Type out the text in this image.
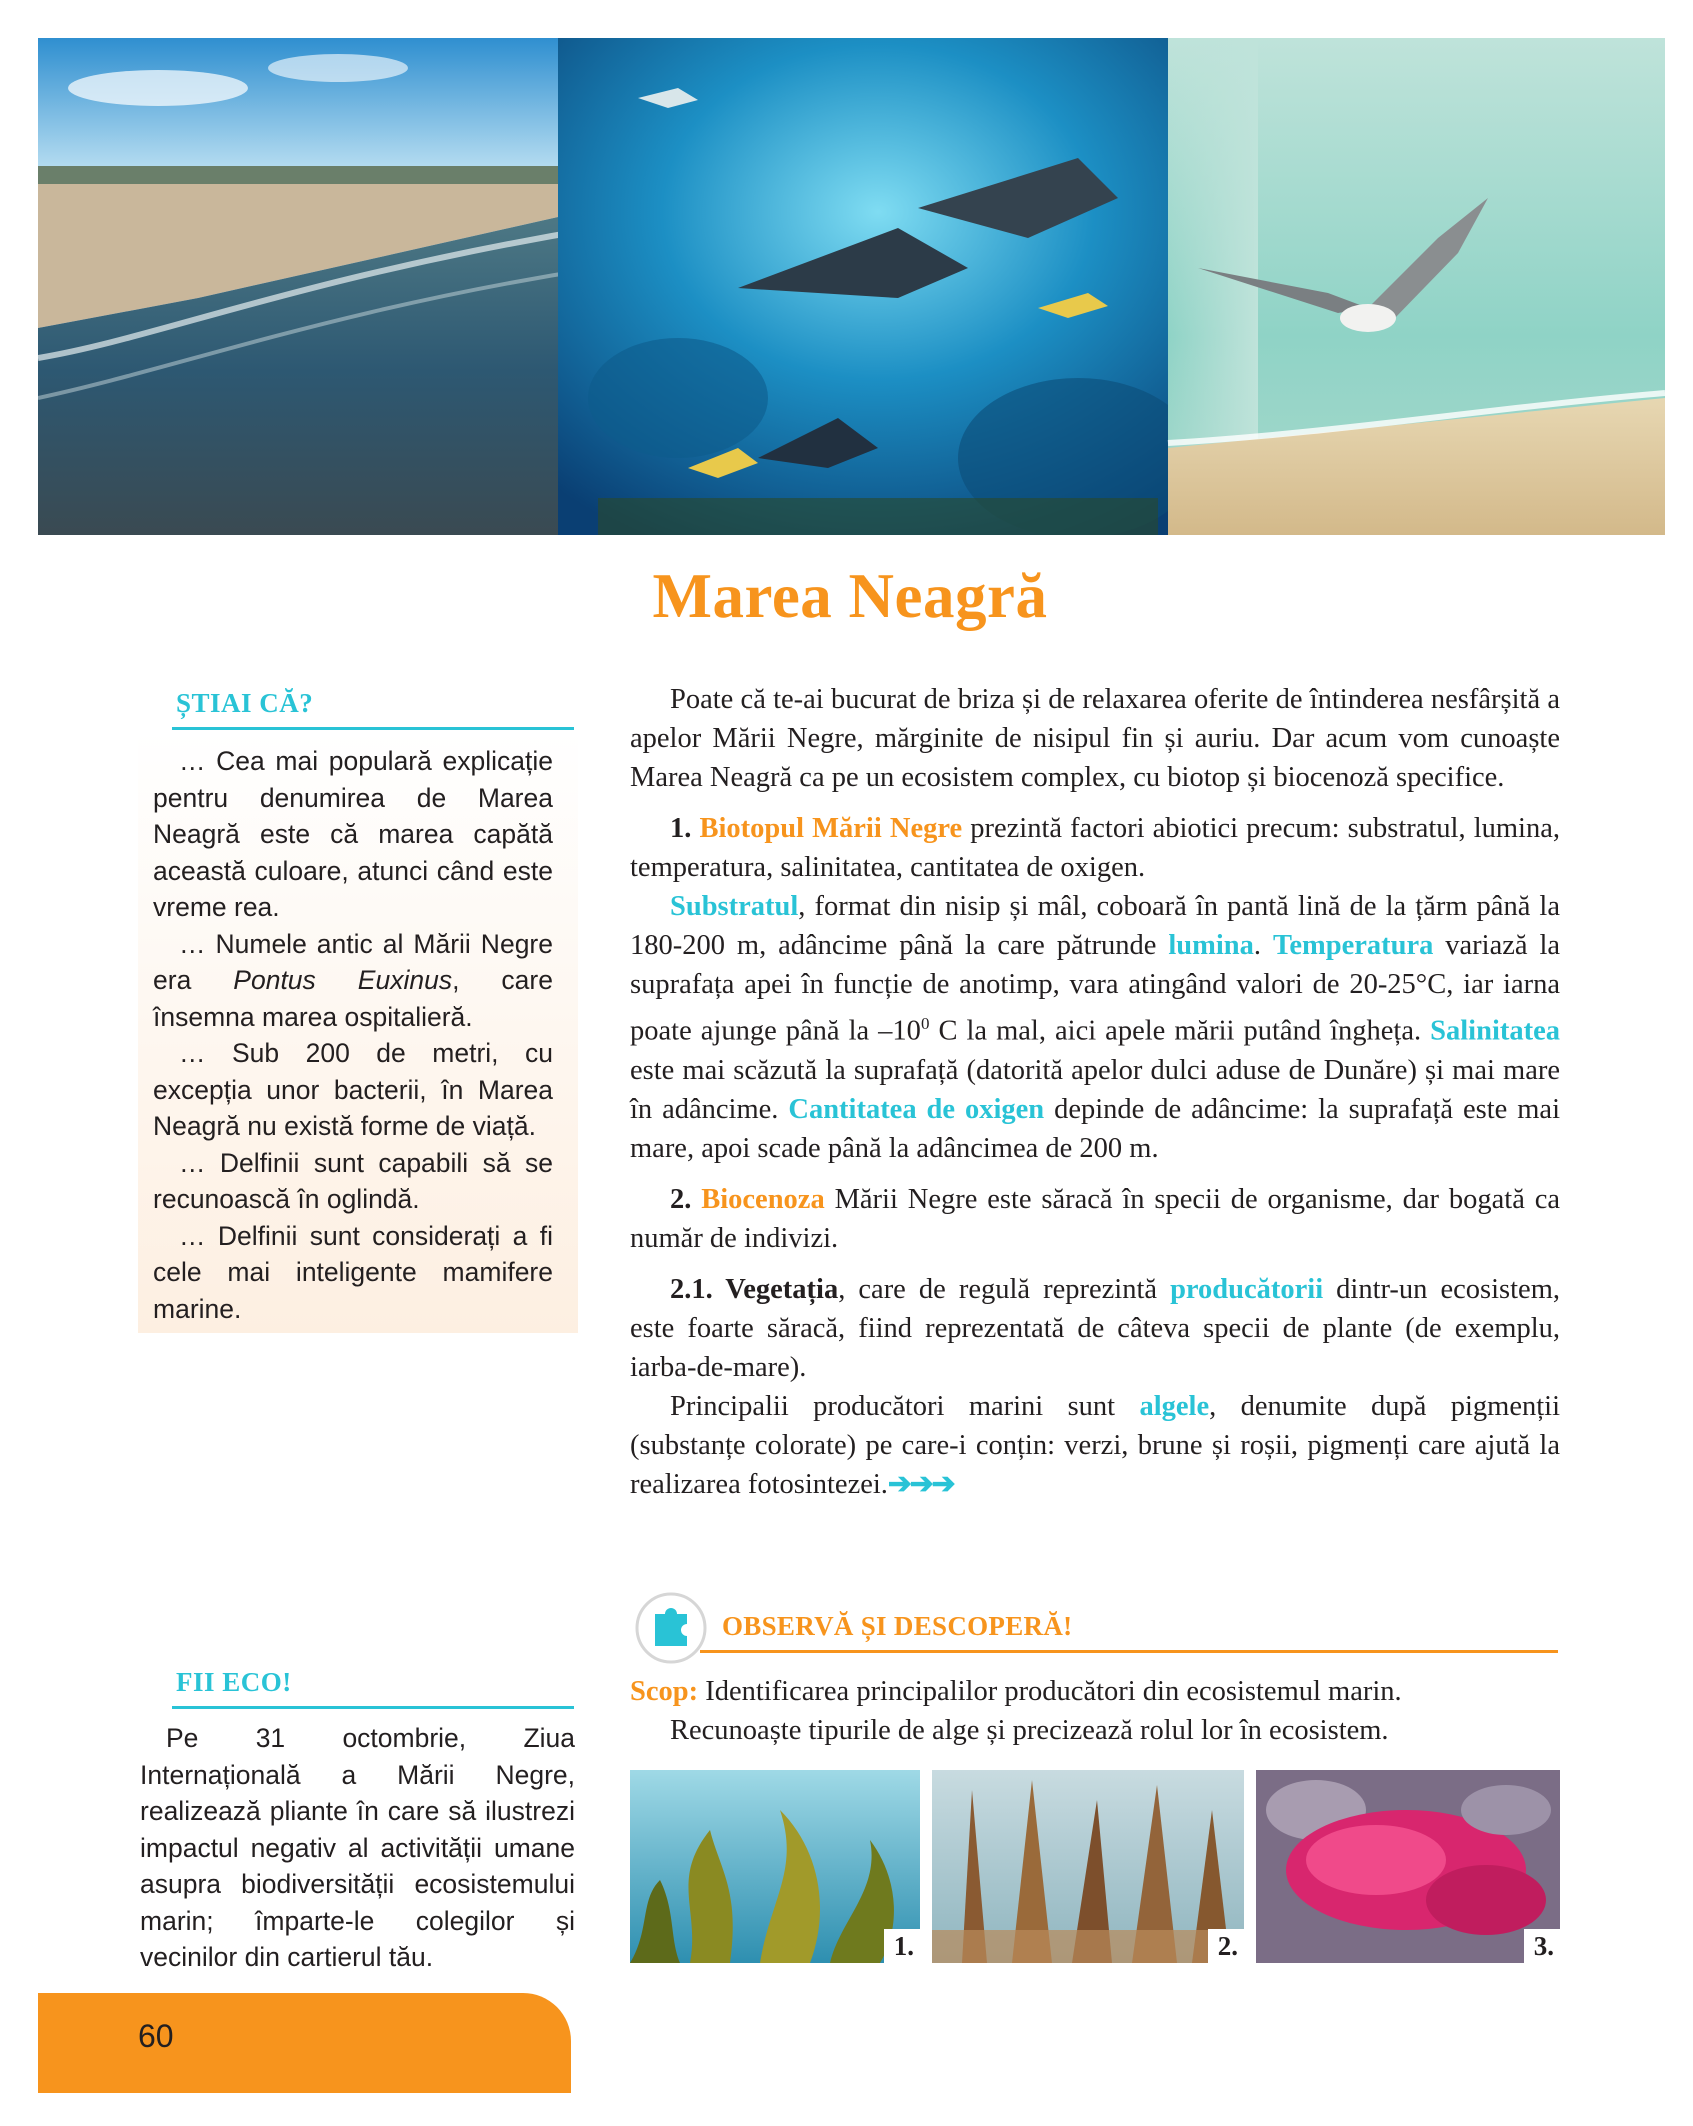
Marea Neagră
ȘTIAI CĂ?

… Cea mai populară explicație pentru denumirea de Marea Neagră este că marea capătă această culoare, atunci când este vreme rea.

… Numele antic al Mării Negre era Pontus Euxinus, care însemna marea ospitalieră.

… Sub 200 de metri, cu excepția unor bacterii, în Marea Neagră nu există forme de viață.

… Delfinii sunt capabili să se recunoască în oglindă.

… Delfinii sunt considerați a fi cele mai inteligente mamifere marine.

FII ECO!

Pe 31 octombrie, Ziua Internațională a Mării Negre, realizează pliante în care să ilustrezi impactul negativ al activității umane asupra biodiversității ecosistemului marin; împarte-le colegilor și vecinilor din cartierul tău.

Poate că te-ai bucurat de briza și de relaxarea oferite de întinderea nesfârșită a apelor Mării Negre, mărginite de nisipul fin și auriu. Dar acum vom cunoaște Marea Neagră ca pe un ecosistem complex, cu biotop și biocenoză specifice.

1. Biotopul Mării Negre prezintă factori abiotici precum: substratul, lumina, temperatura, salinitatea, cantitatea de oxigen.

Substratul, format din nisip și mâl, coboară în pantă lină de la țărm până la 180-200 m, adâncime până la care pătrunde lumina. Temperatura variază la suprafața apei în funcție de anotimp, vara atingând valori de 20-25°C, iar iarna poate ajunge până la $-10^0$ C la mal, aici apele mării putând îngheța. Salinitatea este mai scăzută la suprafață (datorită apelor dulci aduse de Dunăre) și mai mare în adâncime. Cantitatea de oxigen depinde de adâncime: la suprafață este mai mare, apoi scade până la adâncimea de 200 m.

2. Biocenoza Mării Negre este săracă în specii de organisme, dar bogată ca număr de indivizi.

2.1. Vegetația, care de regulă reprezintă producătorii dintr-un ecosistem, este foarte săracă, fiind reprezentată de câteva specii de plante (de exemplu, iarba-de-mare).

Principalii producători marini sunt algele, denumite după pigmenții (substanțe colorate) pe care-i conțin: verzi, brune și roșii, pigmenți care ajută la realizarea fotosintezei.➔➔➔

OBSERVĂ ȘI DESCOPERĂ!
Scop: Identificarea principalilor producători din ecosistemul marin.
Recunoaște tipurile de alge și precizează rolul lor în ecosistem.
1.	2.	3.
60
